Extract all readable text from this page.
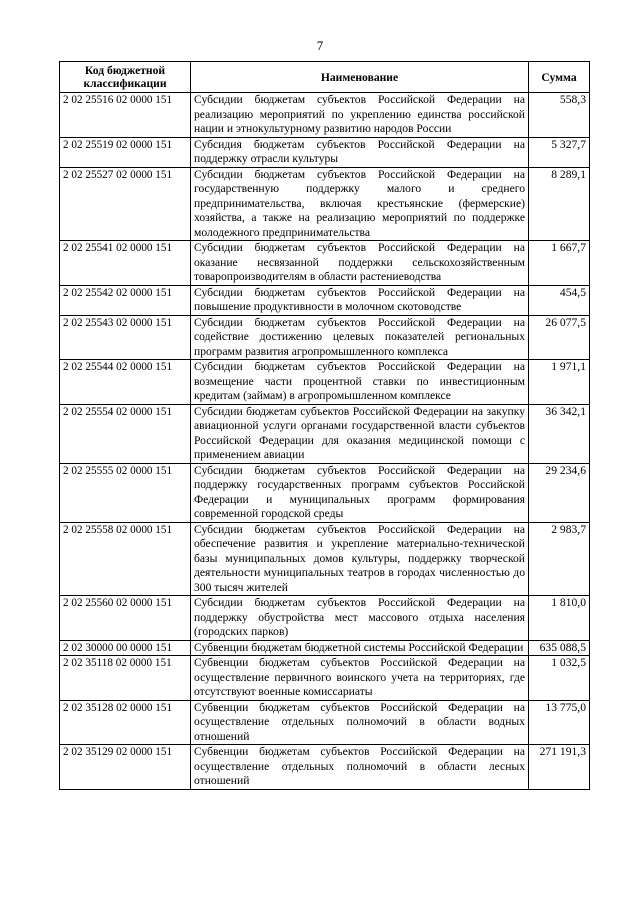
7
Код бюджетной классификации	Наименование	Сумма
2 02 25516 02 0000 151	Субсидии бюджетам субъектов Российской Федерации на реализацию мероприятий по укреплению единства российской нации и этнокультурному развитию народов России	558,3
2 02 25519 02 0000 151	Субсидия бюджетам субъектов Российской Федерации на поддержку отрасли культуры	5 327,7
2 02 25527 02 0000 151	Субсидии бюджетам субъектов Российской Федерации на государственную поддержку малого и среднего предпринимательства, включая крестьянские (фермерские) хозяйства, а также на реализацию мероприятий по поддержке молодежного предпринимательства	8 289,1
2 02 25541 02 0000 151	Субсидии бюджетам субъектов Российской Федерации на оказание несвязанной поддержки сельскохозяйственным товаропроизводителям в области растениеводства	1 667,7
2 02 25542 02 0000 151	Субсидии бюджетам субъектов Российской Федерации на повышение продуктивности в молочном скотоводстве	454,5
2 02 25543 02 0000 151	Субсидии бюджетам субъектов Российской Федерации на содействие достижению целевых показателей региональных программ развития агропромышленного комплекса	26 077,5
2 02 25544 02 0000 151	Субсидии бюджетам субъектов Российской Федерации на возмещение части процентной ставки по инвестиционным кредитам (займам) в агропромышленном комплексе	1 971,1
2 02 25554 02 0000 151	Субсидии бюджетам субъектов Российской Федерации на закупку авиационной услуги органами государственной власти субъектов Российской Федерации для оказания медицинской помощи с применением авиации	36 342,1
2 02 25555 02 0000 151	Субсидии бюджетам субъектов Российской Федерации на поддержку государственных программ субъектов Российской Федерации и муниципальных программ формирования современной городской среды	29 234,6
2 02 25558 02 0000 151	Субсидии бюджетам субъектов Российской Федерации на обеспечение развития и укрепление материально-технической базы муниципальных домов культуры, поддержку творческой деятельности муниципальных театров в городах численностью до 300 тысяч жителей	2 983,7
2 02 25560 02 0000 151	Субсидии бюджетам субъектов Российской Федерации на поддержку обустройства мест массового отдыха населения (городских парков)	1 810,0
2 02 30000 00 0000 151	Субвенции бюджетам бюджетной системы Российской Федерации	635 088,5
2 02 35118 02 0000 151	Субвенции бюджетам субъектов Российской Федерации на осуществление первичного воинского учета на территориях, где отсутствуют военные комиссариаты	1 032,5
2 02 35128 02 0000 151	Субвенции бюджетам субъектов Российской Федерации на осуществление отдельных полномочий в области водных отношений	13 775,0
2 02 35129 02 0000 151	Субвенции бюджетам субъектов Российской Федерации на осуществление отдельных полномочий в области лесных отношений	271 191,3
